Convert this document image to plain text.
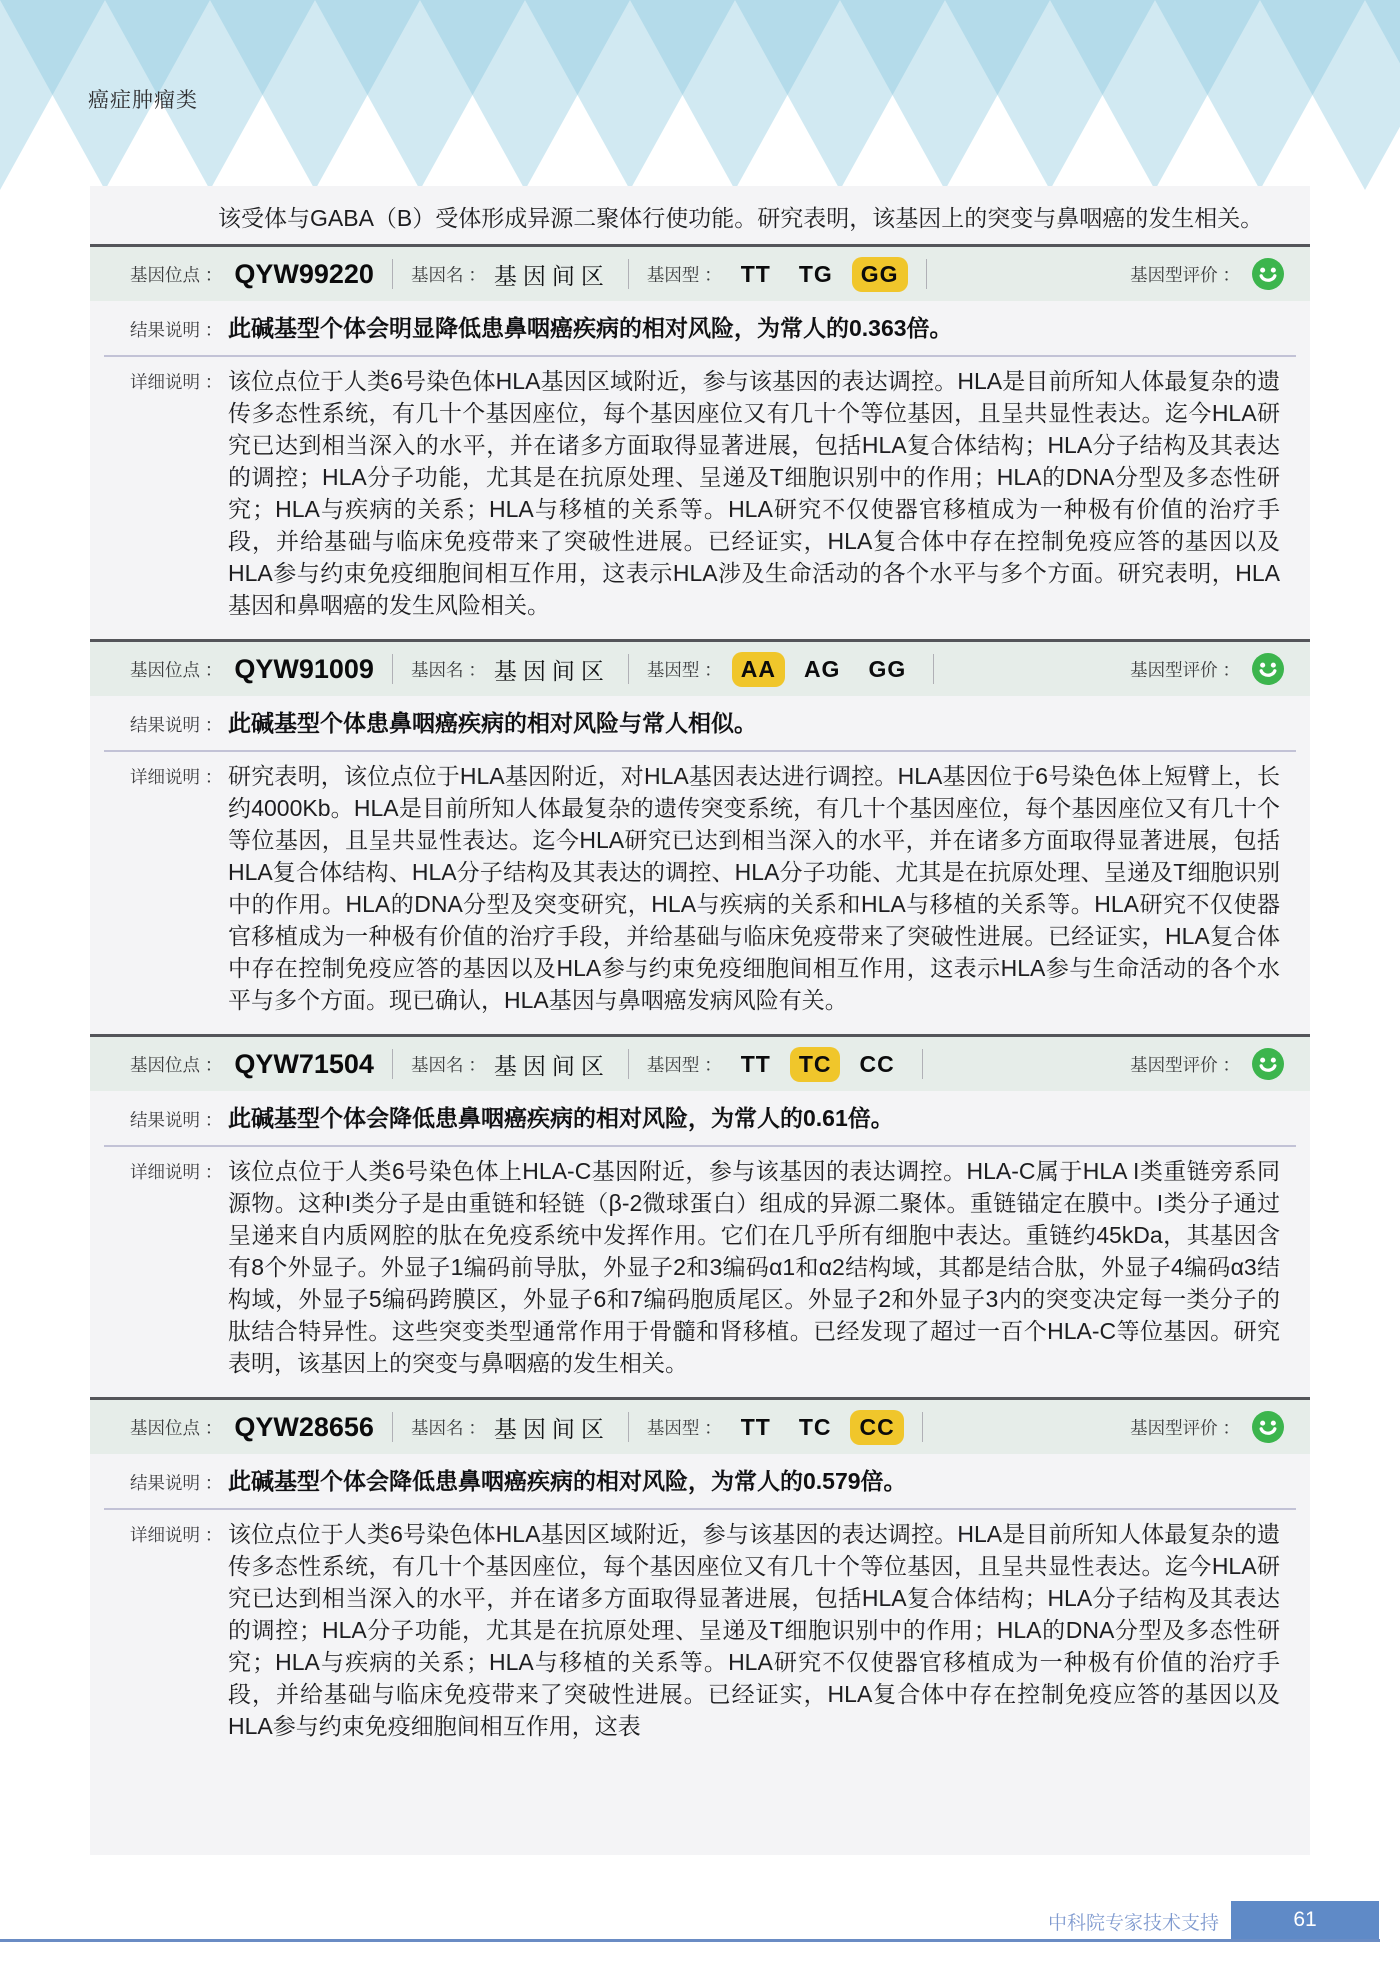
癌症肿瘤类
该受体与GABA（B）受体形成异源二聚体行使功能。研究表明，该基因上的突变与鼻咽癌的发生相关。
基因位点 ： QYW99220 基因名 ： 基因间区 基因型 ： TT	TG	GG	基因型评价 ：
结果说明 ： 此碱基型个体会明显降低患鼻咽癌疾病的相对风险，为常人的0.363倍。
详细说明 ： 该位点位于人类6号染色体HLA基因区域附近，参与该基因的表达调控。HLA是目前所知人体最复杂的遗传多态性系统，有几十个基因座位，每个基因座位又有几十个等位基因，且呈共显性表达。迄今HLA研究已达到相当深入的水平，并在诸多方面取得显著进展，包括HLA复合体结构；HLA分子结构及其表达的调控；HLA分子功能，尤其是在抗原处理、呈递及T细胞识别中的作用；HLA的DNA分型及多态性研究；HLA与疾病的关系；HLA与移植的关系等。HLA研究不仅使器官移植成为一种极有价值的治疗手段，并给基础与临床免疫带来了突破性进展。已经证实，HLA复合体中存在控制免疫应答的基因以及HLA参与约束免疫细胞间相互作用，这表示HLA涉及生命活动的各个水平与多个方面。研究表明，HLA基因和鼻咽癌的发生风险相关。
基因位点 ： QYW91009 基因名 ： 基因间区 基因型 ： AA	AG	GG	基因型评价 ：
结果说明 ： 此碱基型个体患鼻咽癌疾病的相对风险与常人相似。
详细说明 ： 研究表明，该位点位于HLA基因附近，对HLA基因表达进行调控。HLA基因位于6号染色体上短臂上，长约4000Kb。HLA是目前所知人体最复杂的遗传突变系统，有几十个基因座位，每个基因座位又有几十个等位基因，且呈共显性表达。迄今HLA研究已达到相当深入的水平，并在诸多方面取得显著进展，包括HLA复合体结构、HLA分子结构及其表达的调控、HLA分子功能、尤其是在抗原处理、呈递及T细胞识别中的作用。HLA的DNA分型及突变研究，HLA与疾病的关系和HLA与移植的关系等。HLA研究不仅使器官移植成为一种极有价值的治疗手段，并给基础与临床免疫带来了突破性进展。已经证实，HLA复合体中存在控制免疫应答的基因以及HLA参与约束免疫细胞间相互作用，这表示HLA参与生命活动的各个水平与多个方面。现已确认，HLA基因与鼻咽癌发病风险有关。
基因位点 ： QYW71504 基因名 ： 基因间区 基因型 ： TT	TC	CC	基因型评价 ：
结果说明 ： 此碱基型个体会降低患鼻咽癌疾病的相对风险，为常人的0.61倍。
详细说明 ： 该位点位于人类6号染色体上HLA-C基因附近，参与该基因的表达调控。HLA-C属于HLA I类重链旁系同源物。这种I类分子是由重链和轻链（β-2微球蛋白）组成的异源二聚体。重链锚定在膜中。I类分子通过呈递来自内质网腔的肽在免疫系统中发挥作用。它们在几乎所有细胞中表达。重链约45kDa，其基因含有8个外显子。外显子1编码前导肽，外显子2和3编码α1和α2结构域，其都是结合肽，外显子4编码α3结构域，外显子5编码跨膜区，外显子6和7编码胞质尾区。外显子2和外显子3内的突变决定每一类分子的肽结合特异性。这些突变类型通常作用于骨髓和肾移植。已经发现了超过一百个HLA-C等位基因。研究表明，该基因上的突变与鼻咽癌的发生相关。
基因位点 ： QYW28656 基因名 ： 基因间区 基因型 ： TT	TC	CC	基因型评价 ：
结果说明 ： 此碱基型个体会降低患鼻咽癌疾病的相对风险，为常人的0.579倍。
详细说明 ： 该位点位于人类6号染色体HLA基因区域附近，参与该基因的表达调控。HLA是目前所知人体最复杂的遗传多态性系统，有几十个基因座位，每个基因座位又有几十个等位基因，且呈共显性表达。迄今HLA研究已达到相当深入的水平，并在诸多方面取得显著进展，包括HLA复合体结构；HLA分子结构及其表达的调控；HLA分子功能，尤其是在抗原处理、呈递及T细胞识别中的作用；HLA的DNA分型及多态性研究；HLA与疾病的关系；HLA与移植的关系等。HLA研究不仅使器官移植成为一种极有价值的治疗手段，并给基础与临床免疫带来了突破性进展。已经证实，HLA复合体中存在控制免疫应答的基因以及HLA参与约束免疫细胞间相互作用，这表
中科院专家技术支持	61
